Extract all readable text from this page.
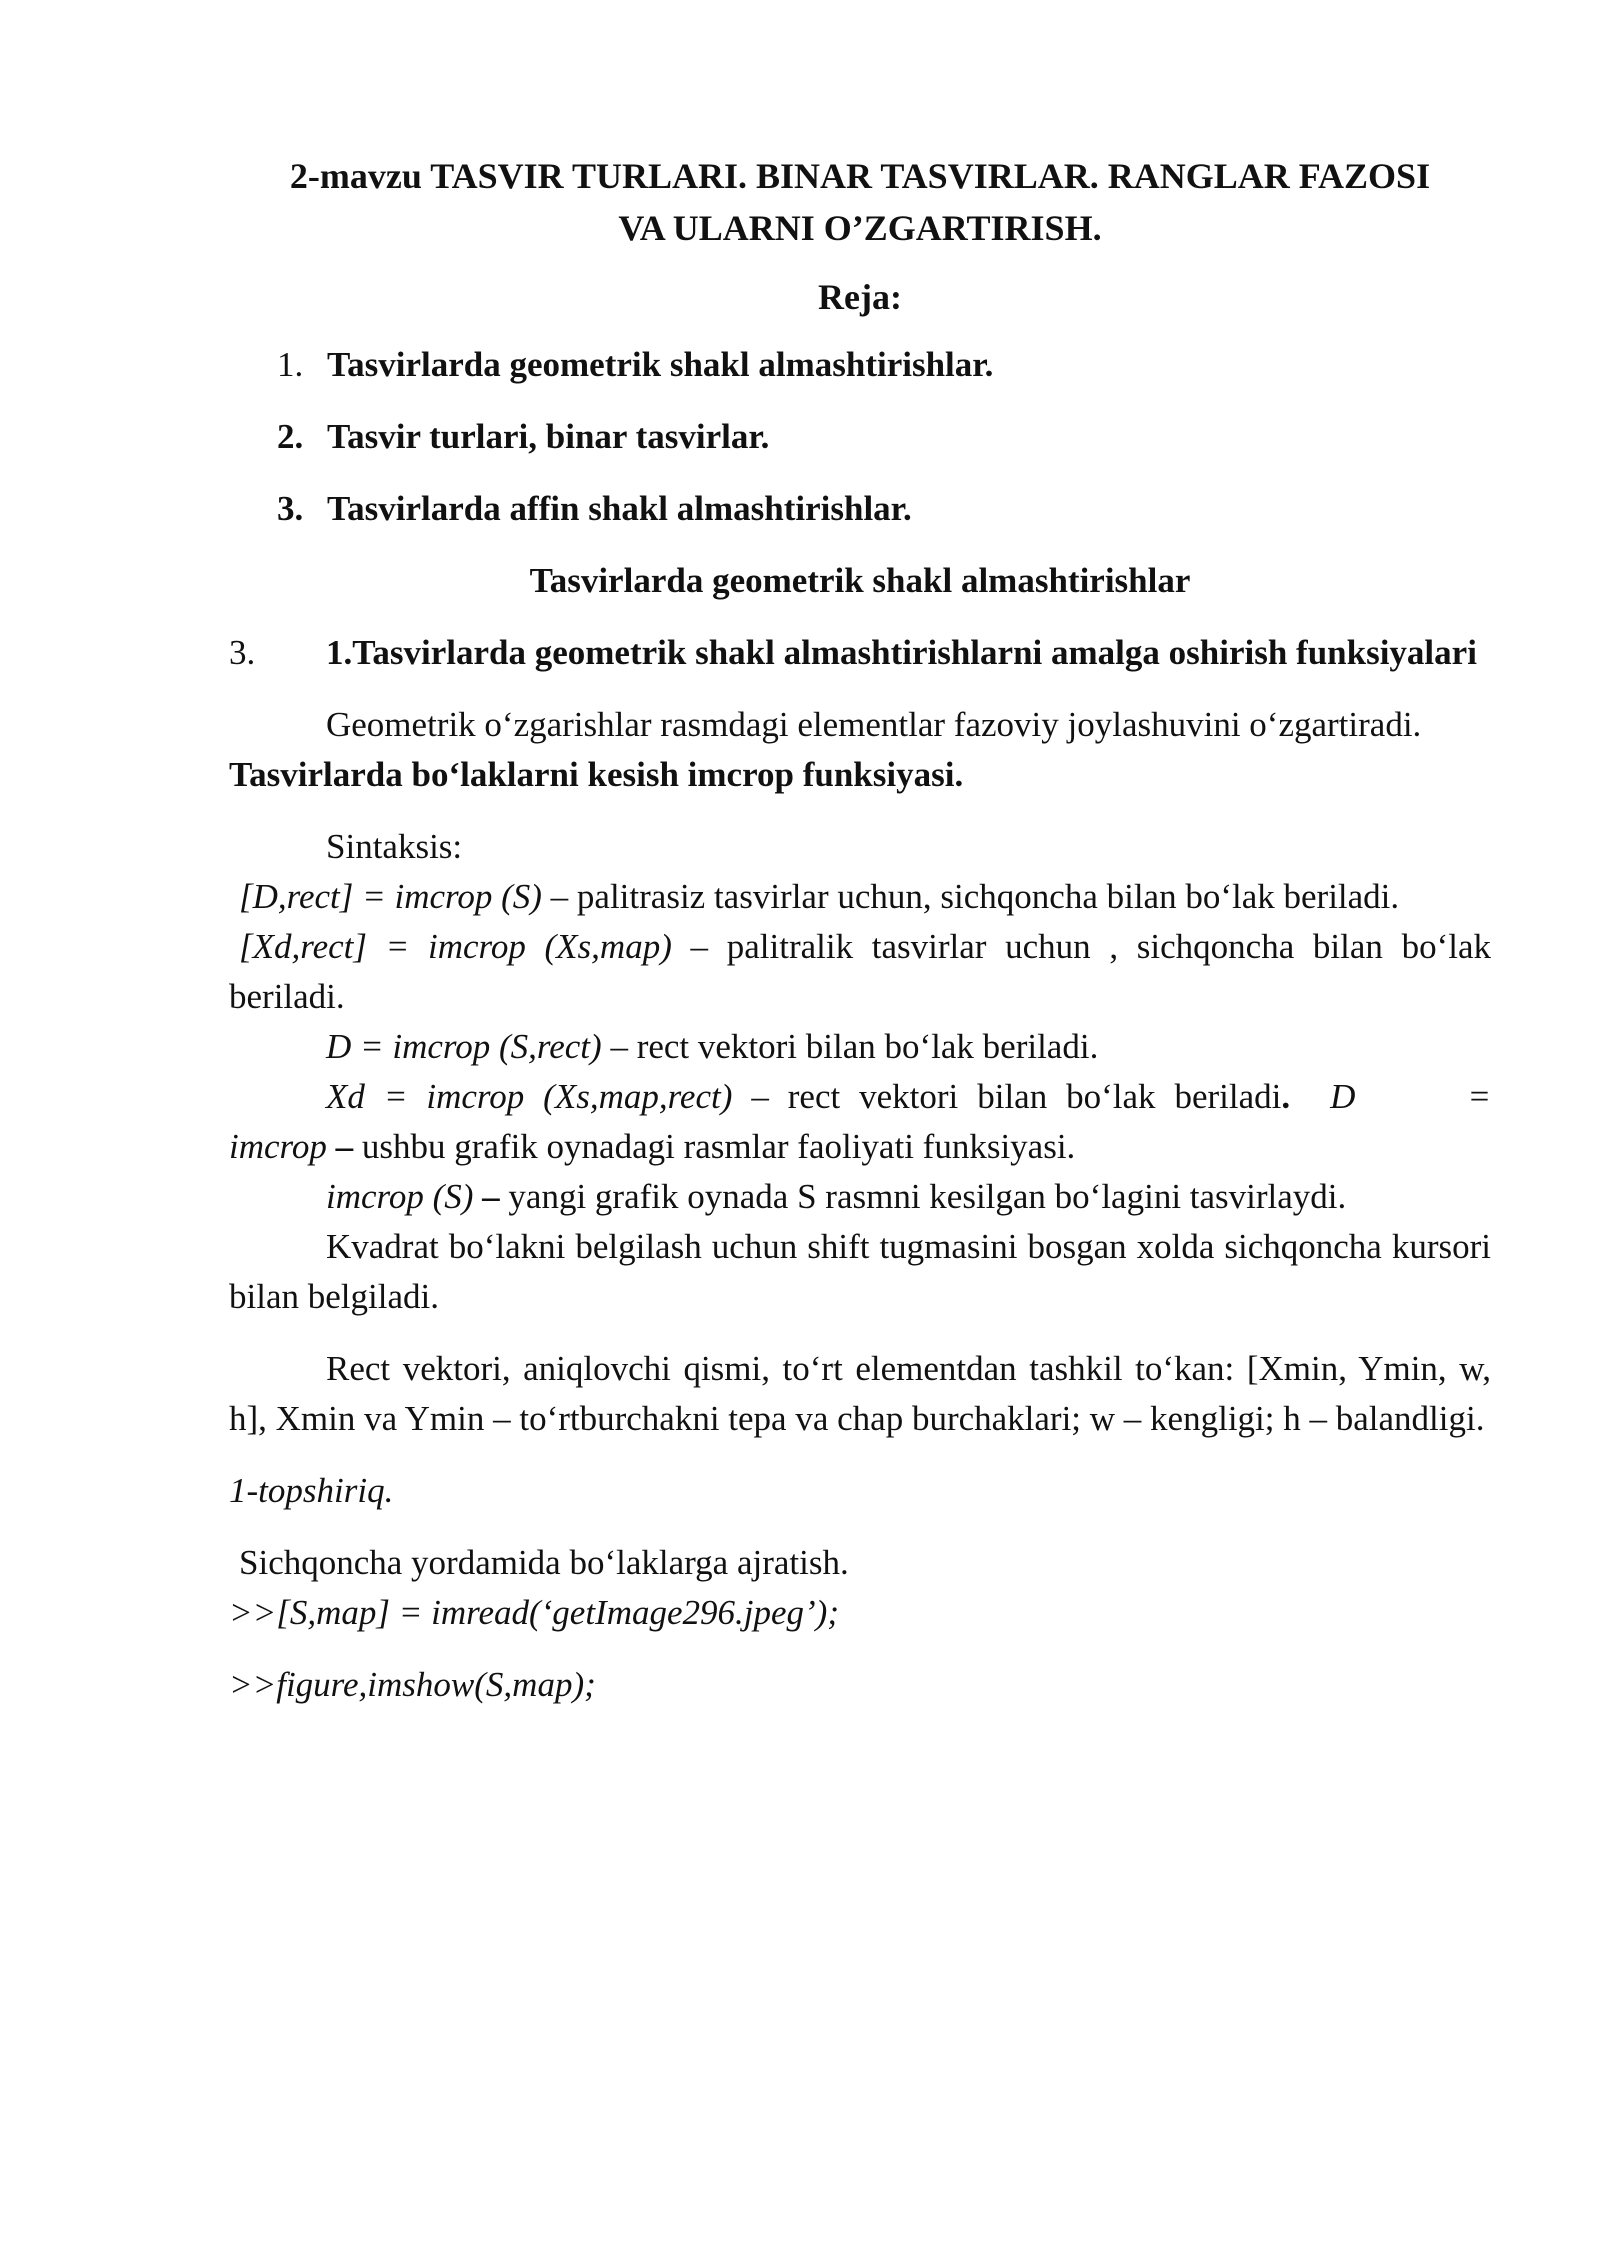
2-mavzu TASVIR TURLARI. BINAR TASVIRLAR. RANGLAR FAZOSI

VA ULARNI O’ZGARTIRISH.

Reja:

1. Tasvirlarda geometrik shakl almashtirishlar.
2. Tasvir turlari, binar tasvirlar.
3. Tasvirlarda affin shakl almashtirishlar.

Tasvirlarda geometrik shakl almashtirishlar

3. 1.Tasvirlarda geometrik shakl almashtirishlarni amalga oshirish funksiyalari

Geometrik o‘zgarishlar rasmdagi elementlar fazoviy joylashuvini o‘zgartiradi.

Tasvirlarda bo‘laklarni kesish imcrop funksiyasi.

Sintaksis:

[D,rect] = imcrop (S) – palitrasiz tasvirlar uchun, sichqoncha bilan bo‘lak beriladi.

[Xd,rect] = imcrop (Xs,map) – palitralik tasvirlar uchun , sichqoncha bilan bo‘lak beriladi.

D = imcrop (S,rect) – rect vektori bilan bo‘lak beriladi.

Xd = imcrop (Xs,map,rect) – rect vektori bilan bo‘lak beriladi. D = imcrop – ushbu grafik oynadagi rasmlar faoliyati funksiyasi.

imcrop (S) – yangi grafik oynada S rasmni kesilgan bo‘lagini tasvirlaydi.

Kvadrat bo‘lakni belgilash uchun shift tugmasini bosgan xolda sichqoncha kursori bilan belgiladi.

Rect vektori, aniqlovchi qismi, to‘rt elementdan tashkil to‘kan: [Xmin, Ymin, w, h], Xmin va Ymin – to‘rtburchakni tepa va chap burchaklari; w – kengligi; h – balandligi.

1-topshiriq.

Sichqoncha yordamida bo‘laklarga ajratish.

>>[S,map] = imread(‘getImage296.jpeg’);

>>figure,imshow(S,map);
